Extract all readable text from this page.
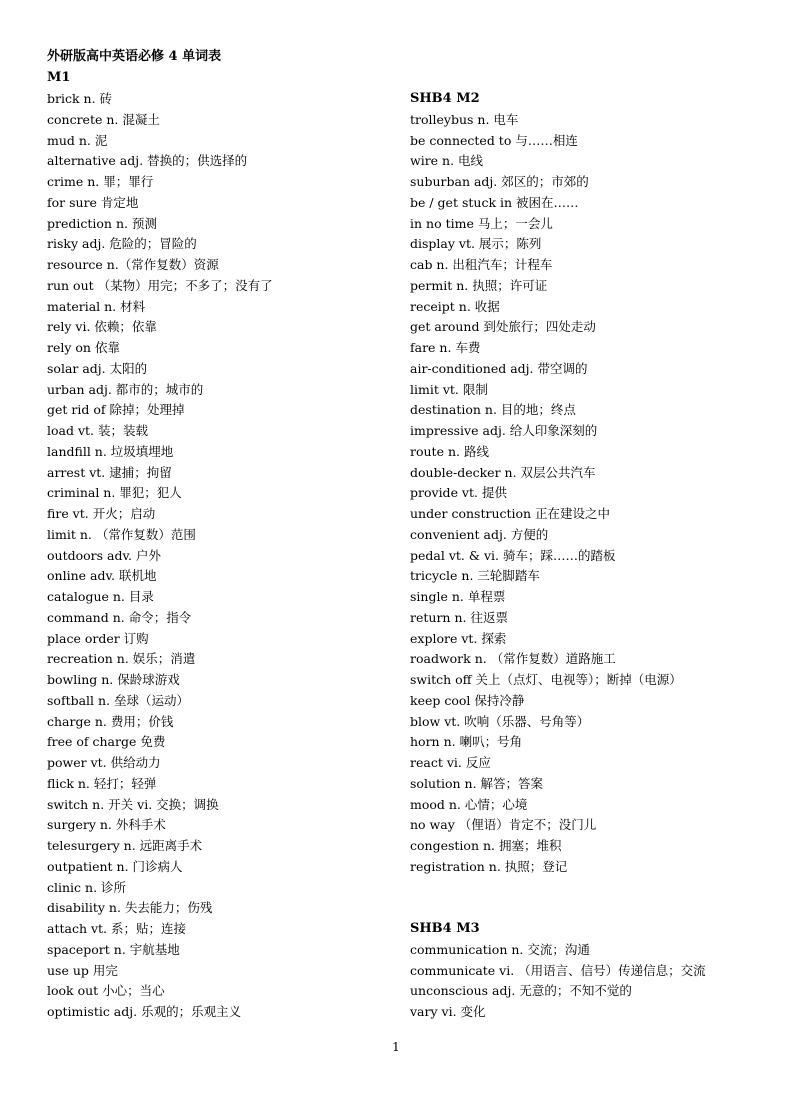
外研版高中英语必修 4 单词表
M1
brick n. 砖
concrete n. 混凝土
mud n. 泥
alternative adj. 替换的；供选择的
crime n. 罪；罪行
for sure 肯定地
prediction n. 预测
risky adj. 危险的；冒险的
resource n.（常作复数）资源
run out （某物）用完；不多了；没有了
material n. 材料
rely vi. 依赖；依靠
rely on 依靠
solar adj. 太阳的
urban adj. 都市的；城市的
get rid of 除掉；处理掉
load vt. 装；装载
landfill n. 垃圾填埋地
arrest vt. 逮捕；拘留
criminal n. 罪犯；犯人
fire vt. 开火；启动
limit n. （常作复数）范围
outdoors adv. 户外
online adv. 联机地
catalogue n. 目录
command n. 命令；指令
place order 订购
recreation n. 娱乐；消遣
bowling n. 保龄球游戏
softball n. 垒球（运动）
charge n. 费用；价钱
free of charge 免费
power vt. 供给动力
flick n. 轻打；轻弹
switch n. 开关 vi. 交换；调换
surgery n. 外科手术
telesurgery n. 远距离手术
outpatient n. 门诊病人
clinic n. 诊所
disability n. 失去能力；伤残
attach vt. 系；贴；连接
spaceport n. 宇航基地
use up 用完
look out 小心；当心
optimistic adj. 乐观的；乐观主义
SHB4 M2
trolleybus n. 电车
be connected to 与……相连
wire n. 电线
suburban adj. 郊区的；市郊的
be / get stuck in 被困在……
in no time 马上；一会儿
display vt. 展示；陈列
cab n. 出租汽车；计程车
permit n. 执照；许可证
receipt n. 收据
get around 到处旅行；四处走动
fare n. 车费
air-conditioned adj. 带空调的
limit vt. 限制
destination n. 目的地；终点
impressive adj. 给人印象深刻的
route n. 路线
double-decker n. 双层公共汽车
provide vt. 提供
under construction 正在建设之中
convenient adj. 方便的
pedal vt. & vi. 骑车；踩……的踏板
tricycle n. 三轮脚踏车
single n. 单程票
return n. 往返票
explore vt. 探索
roadwork n. （常作复数）道路施工
switch off 关上（点灯、电视等）；断掉（电源）
keep cool 保持冷静
blow vt. 吹响（乐器、号角等）
horn n. 喇叭；号角
react vi. 反应
solution n. 解答；答案
mood n. 心情；心境
no way （俚语）肯定不；没门儿
congestion n. 拥塞；堆积
registration n. 执照；登记
SHB4 M3
communication n. 交流；沟通
communicate vi. （用语言、信号）传递信息；交流
unconscious adj. 无意的；不知不觉的
vary vi. 变化
1
